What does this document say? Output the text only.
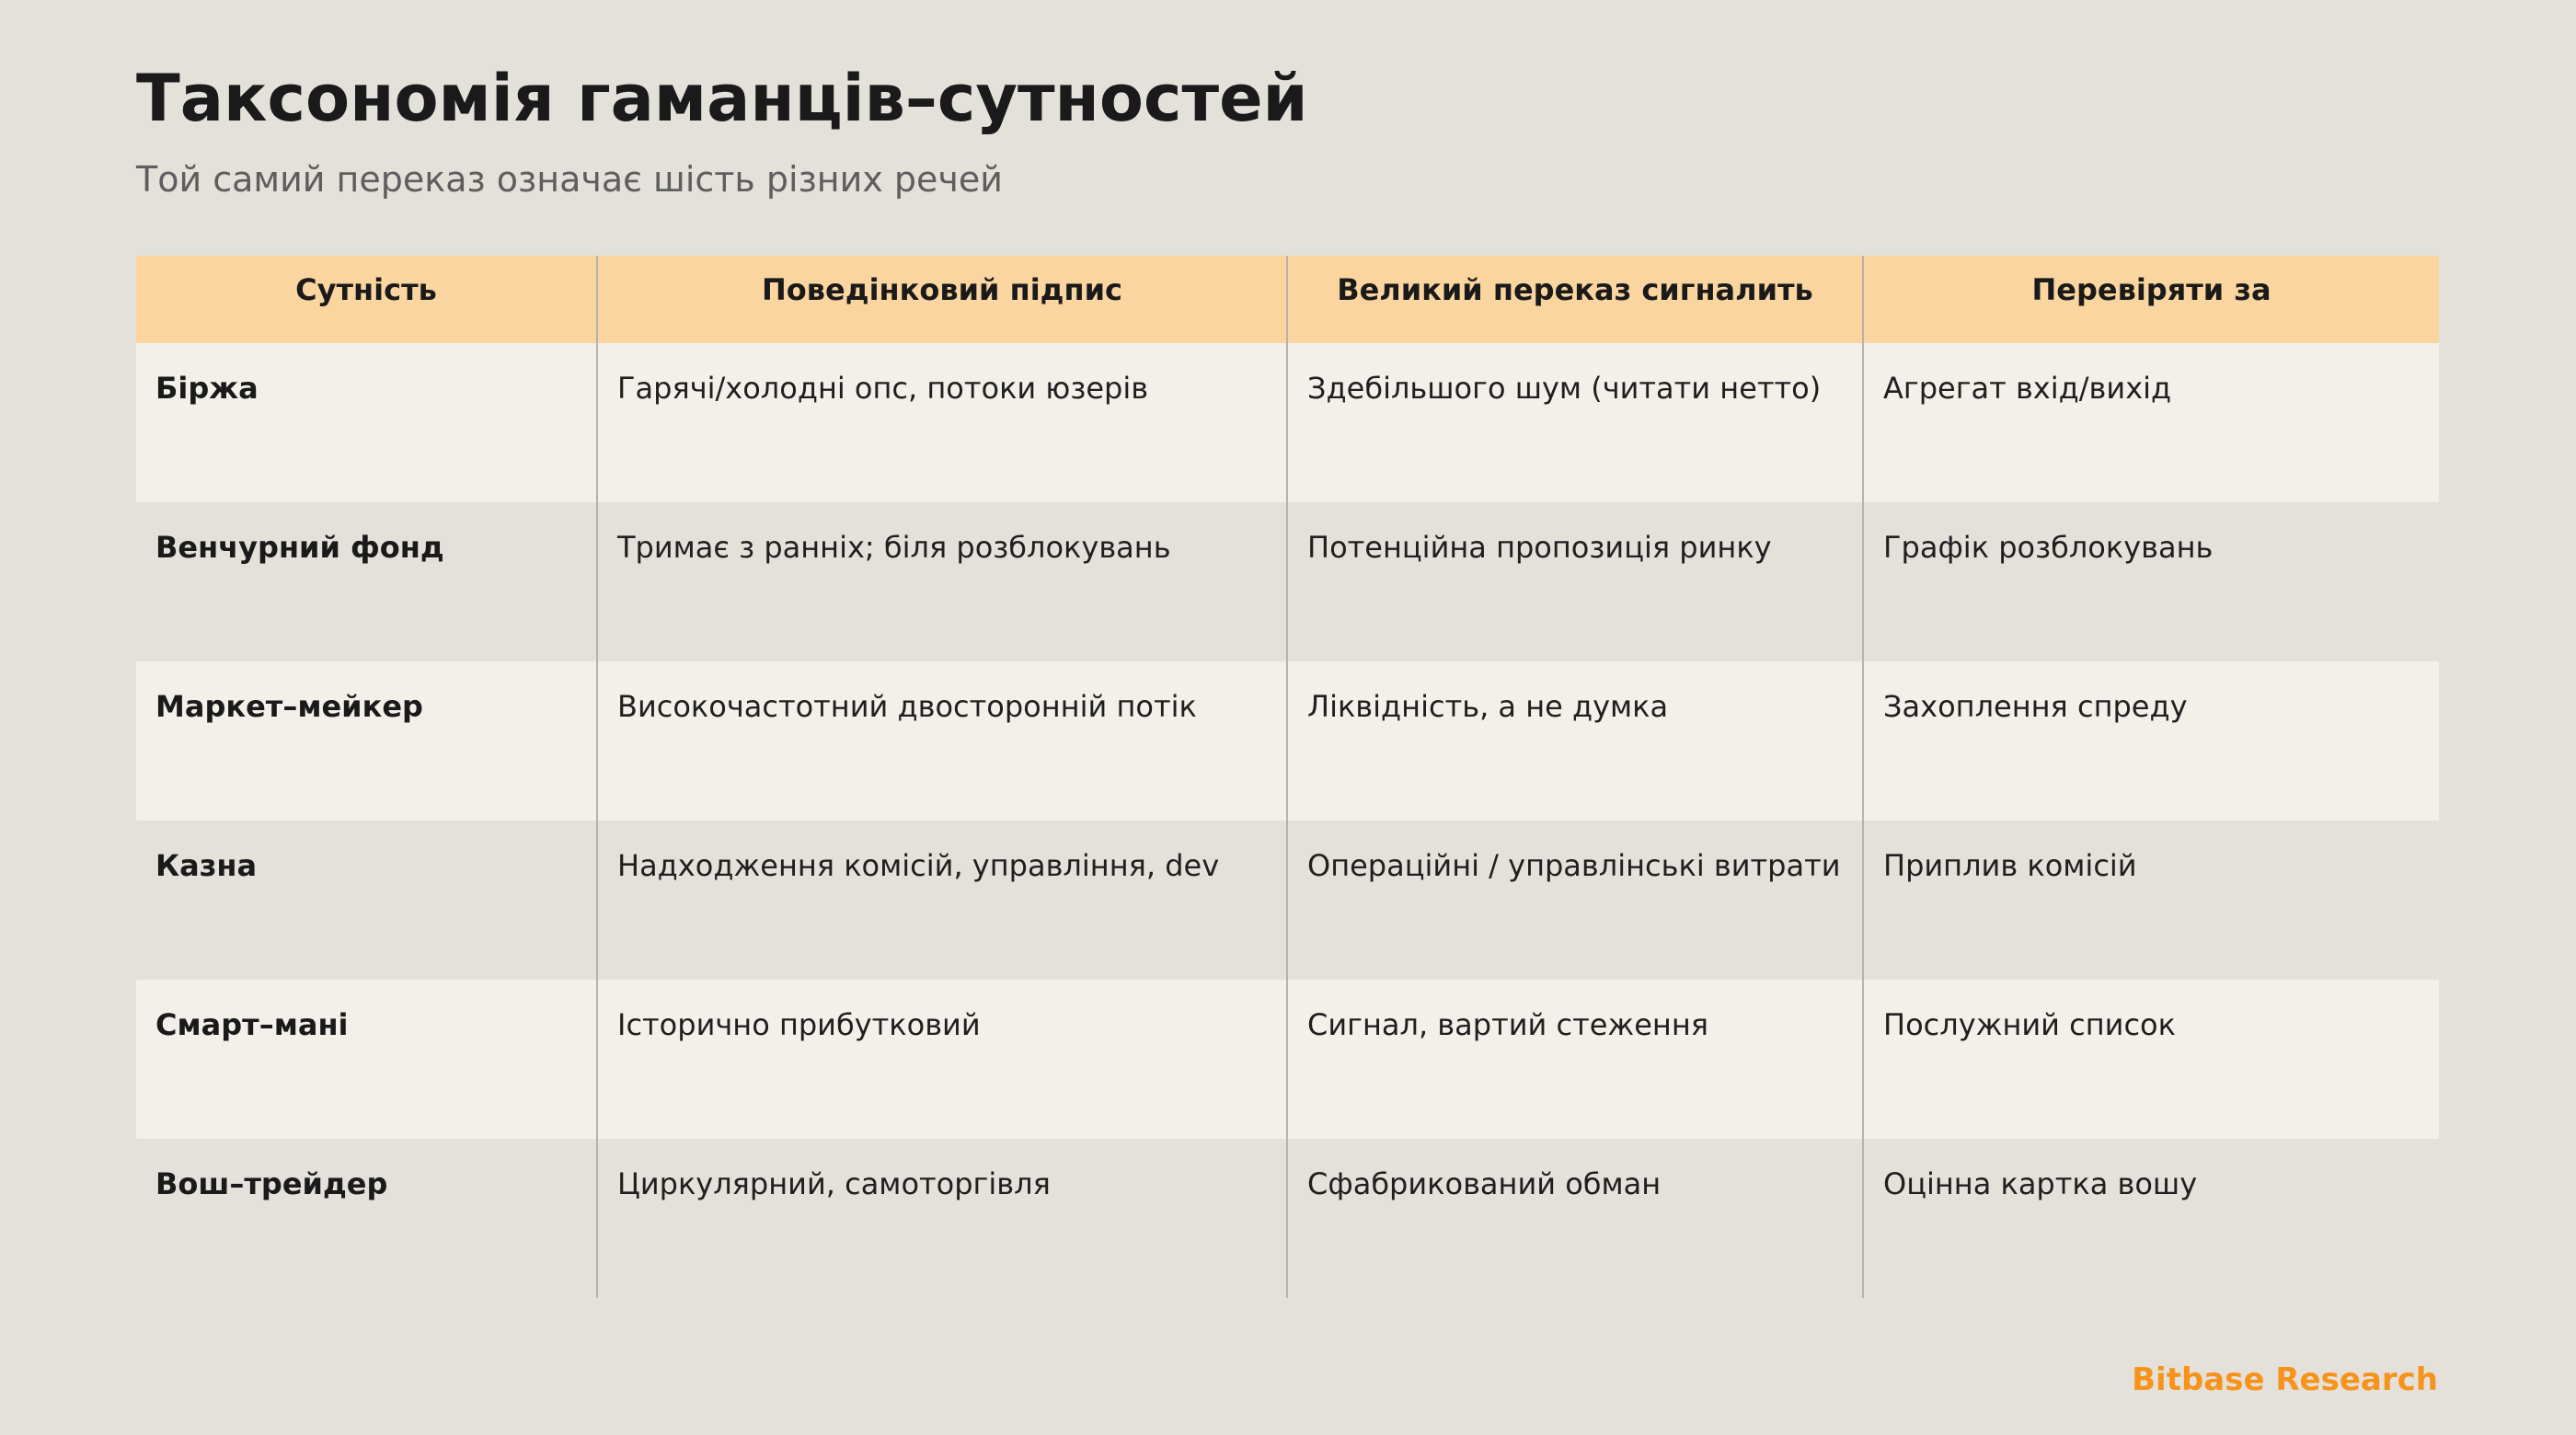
Таксономія гаманців–сутностей

Той самий переказ означає шість різних речей

Сутність	Поведінковий підпис	Великий переказ сигналить	Перевіряти за
Біржа	Гарячі/холодні опс, потоки юзерів	Здебільшого шум (читати нетто)	Агрегат вхід/вихід
Венчурний фонд	Тримає з ранніх; біля розблокувань	Потенційна пропозиція ринку	Графік розблокувань
Маркет–мейкер	Високочастотний двосторонній потік	Ліквідність, а не думка	Захоплення спреду
Казна	Надходження комісій, управління, dev	Операційні / управлінські витрати	Приплив комісій
Смарт–мані	Історично прибутковий	Сигнал, вартий стеження	Послужний список
Вош–трейдер	Циркулярний, самоторгівля	Сфабрикований обман	Оцінна картка вошу

Bitbase Research
